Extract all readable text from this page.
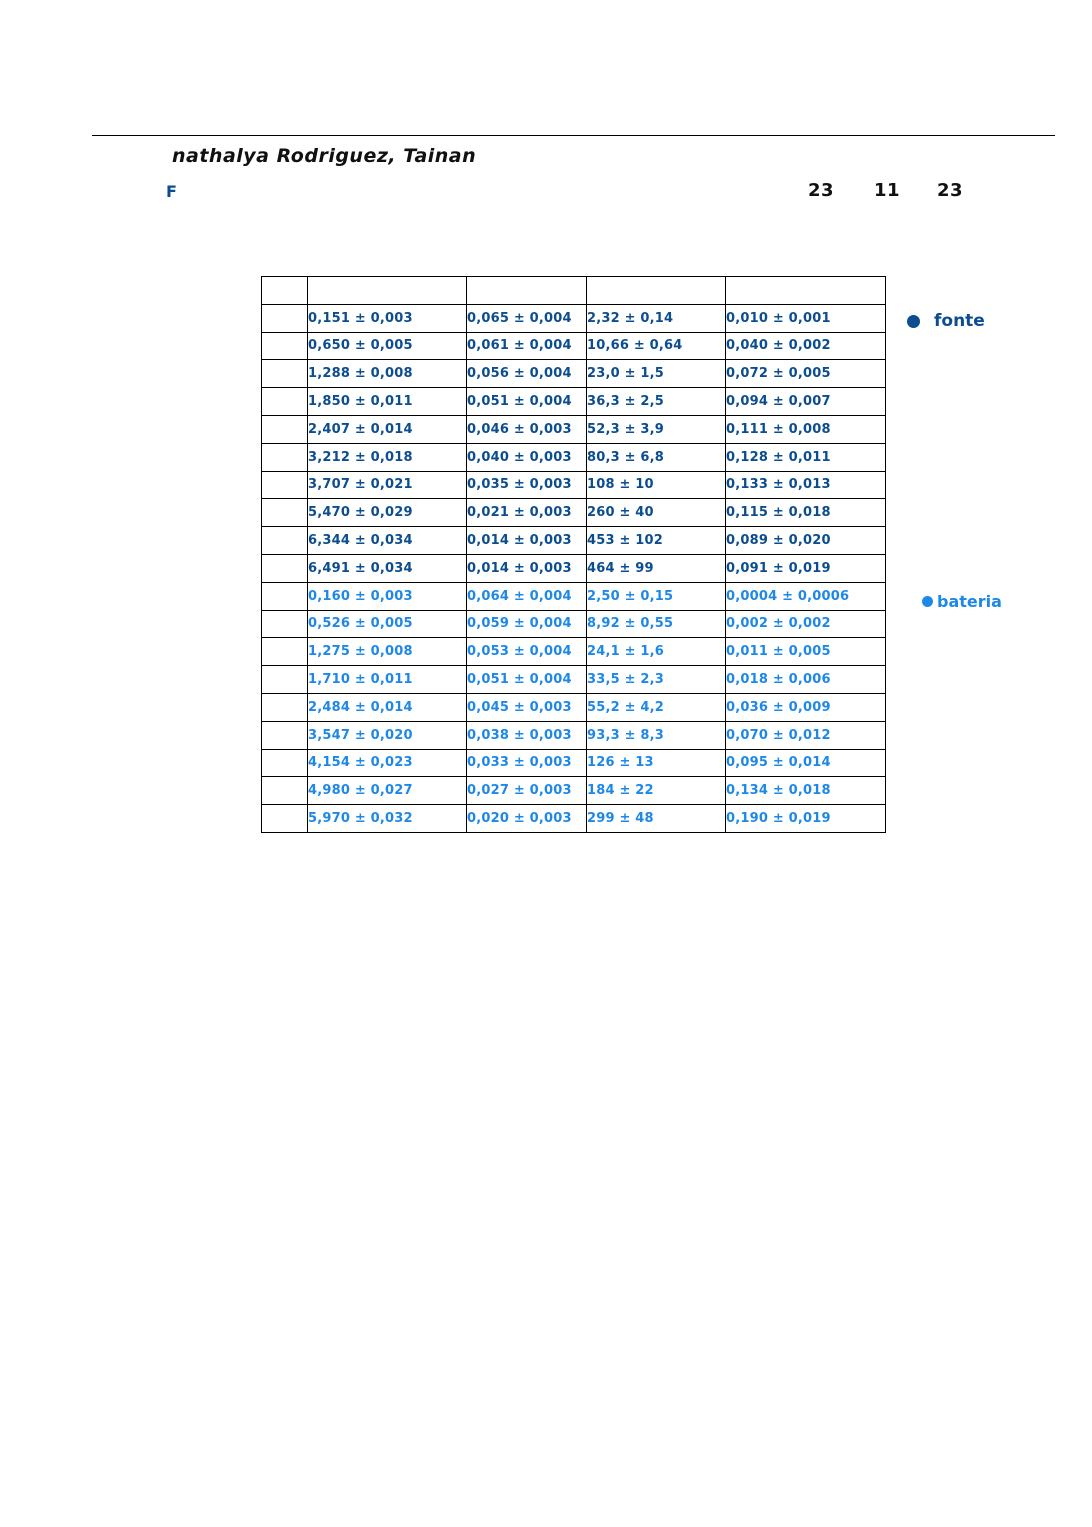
nathalya Rodriguez, Tainan
F	23 11 23

	0,151 ± 0,003	0,065 ± 0,004	2,32 ± 0,14	0,010 ± 0,001
	0,650 ± 0,005	0,061 ± 0,004	10,66 ± 0,64	0,040 ± 0,002
	1,288 ± 0,008	0,056 ± 0,004	23,0 ± 1,5	0,072 ± 0,005
	1,850 ± 0,011	0,051 ± 0,004	36,3 ± 2,5	0,094 ± 0,007
	2,407 ± 0,014	0,046 ± 0,003	52,3 ± 3,9	0,111 ± 0,008
	3,212 ± 0,018	0,040 ± 0,003	80,3 ± 6,8	0,128 ± 0,011
	3,707 ± 0,021	0,035 ± 0,003	108 ± 10	0,133 ± 0,013
	5,470 ± 0,029	0,021 ± 0,003	260 ± 40	0,115 ± 0,018
	6,344 ± 0,034	0,014 ± 0,003	453 ± 102	0,089 ± 0,020
	6,491 ± 0,034	0,014 ± 0,003	464 ± 99	0,091 ± 0,019
	0,160 ± 0,003	0,064 ± 0,004	2,50 ± 0,15	0,0004 ± 0,0006
	0,526 ± 0,005	0,059 ± 0,004	8,92 ± 0,55	0,002 ± 0,002
	1,275 ± 0,008	0,053 ± 0,004	24,1 ± 1,6	0,011 ± 0,005
	1,710 ± 0,011	0,051 ± 0,004	33,5 ± 2,3	0,018 ± 0,006
	2,484 ± 0,014	0,045 ± 0,003	55,2 ± 4,2	0,036 ± 0,009
	3,547 ± 0,020	0,038 ± 0,003	93,3 ± 8,3	0,070 ± 0,012
	4,154 ± 0,023	0,033 ± 0,003	126 ± 13	0,095 ± 0,014
	4,980 ± 0,027	0,027 ± 0,003	184 ± 22	0,134 ± 0,018
	5,970 ± 0,032	0,020 ± 0,003	299 ± 48	0,190 ± 0,019
fonte
bateria
